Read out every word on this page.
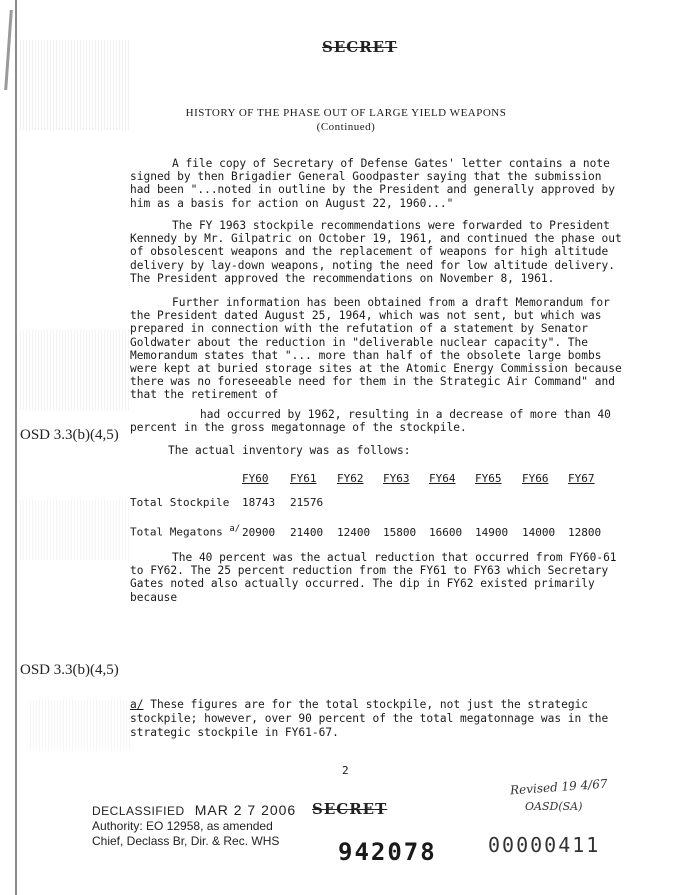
SECRET
HISTORY OF THE PHASE OUT OF LARGE YIELD WEAPONS
(Continued)
A file copy of Secretary of Defense Gates' letter contains a note signed by then Brigadier General Goodpaster saying that the submission had been "...noted in outline by the President and generally approved by him as a basis for action on August 22, 1960..."
The FY 1963 stockpile recommendations were forwarded to President Kennedy by Mr. Gilpatric on October 19, 1961, and continued the phase out of obsolescent weapons and the replacement of weapons for high altitude delivery by lay-down weapons, noting the need for low altitude delivery. The President approved the recommendations on November 8, 1961.
Further information has been obtained from a draft Memorandum for the President dated August 25, 1964, which was not sent, but which was prepared in connection with the refutation of a statement by Senator Goldwater about the reduction in "deliverable nuclear capacity". The Memorandum states that "... more than half of the obsolete large bombs were kept at buried storage sites at the Atomic Energy Commission because there was no foreseeable need for them in the Strategic Air Command" and that the retirement of
had occurred by 1962, resulting in a decrease of more than 40 percent in the gross megatonnage of the stockpile.
OSD 3.3(b)(4,5)
The actual inventory was as follows:
FY60 FY61 FY62 FY63 FY64 FY65 FY66 FY67
Total Stockpile 18743 21576
Total Megatons $^{a/}$ 20900 21400 12400 15800 16600 14900 14000 12800
The 40 percent was the actual reduction that occurred from FY60-61 to FY62. The 25 percent reduction from the FY61 to FY63 which Secretary Gates noted also actually occurred. The dip in FY62 existed primarily because
OSD 3.3(b)(4,5)
a/ These figures are for the total stockpile, not just the strategic stockpile; however, over 90 percent of the total megatonnage was in the strategic stockpile in FY61-67.
2
Revised 19 4/67
OASD(SA)
DECLASSIFIED MAR 2 7 2006
Authority: EO 12958, as amended
Chief, Declass Br, Dir. & Rec. WHS
SECRET
942078	00000411
